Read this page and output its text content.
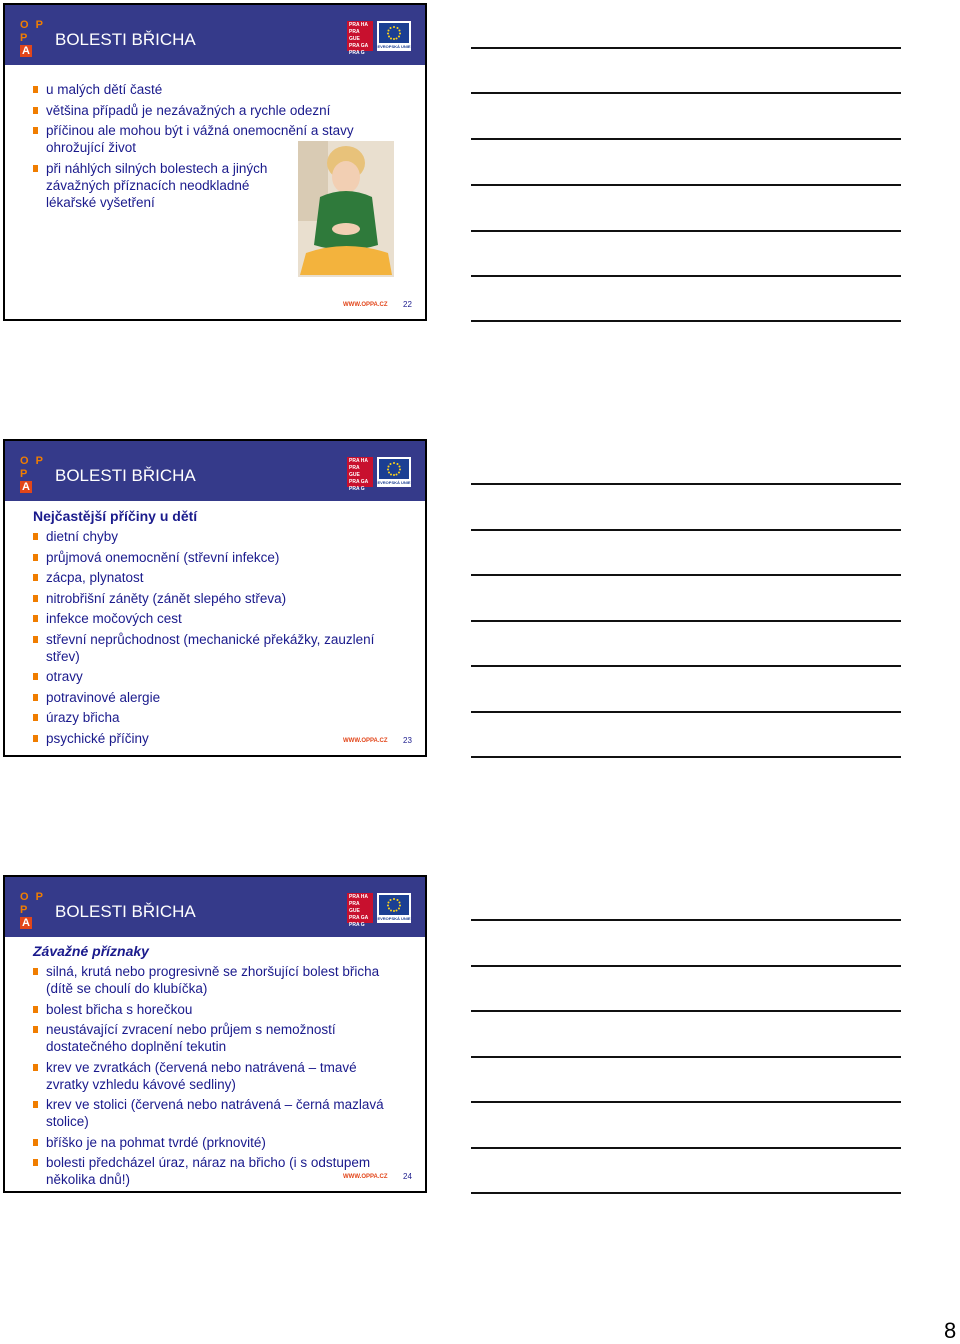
O P P
A
BOLESTI BŘICHA
PRA HA
PRA GUE
PRA GA
PRA G
EVROPSKÁ UNIE
u malých dětí časté
většina případů je nezávažných a rychle odezní
příčinou ale mohou být i vážná onemocnění a stavy ohrožující život
při náhlých silných bolestech a jiných závažných příznacích neodkladné lékařské vyšetření
WWW.OPPA.CZ 22
O P P
A
BOLESTI BŘICHA
PRA HA
PRA GUE
PRA GA
PRA G
EVROPSKÁ UNIE
Nejčastější příčiny u dětí
dietní chyby
průjmová onemocnění (střevní infekce)
zácpa, plynatost
nitrobřišní záněty (zánět slepého střeva)
infekce močových cest
střevní neprůchodnost (mechanické překážky, zauzlení střev)
otravy
potravinové alergie
úrazy břicha
psychické příčiny	WWW.OPPA.CZ 23
O P P
A
BOLESTI BŘICHA
PRA HA
PRA GUE
PRA GA
PRA G
EVROPSKÁ UNIE
Závažné příznaky
silná, krutá nebo progresivně se zhoršující bolest břicha (dítě se choulí do klubíčka)
bolest břicha s horečkou
neustávající zvracení nebo průjem s nemožností dostatečného doplnění tekutin
krev ve zvratkách (červená nebo natrávená – tmavé zvratky vzhledu kávové sedliny)
krev ve stolici (červená nebo natrávená – černá mazlavá stolice)
bříško je na pohmat tvrdé (prknovité)
bolesti předcházel úraz, náraz na břicho (i s odstupem několika dnů!)	WWW.OPPA.CZ 24
8
